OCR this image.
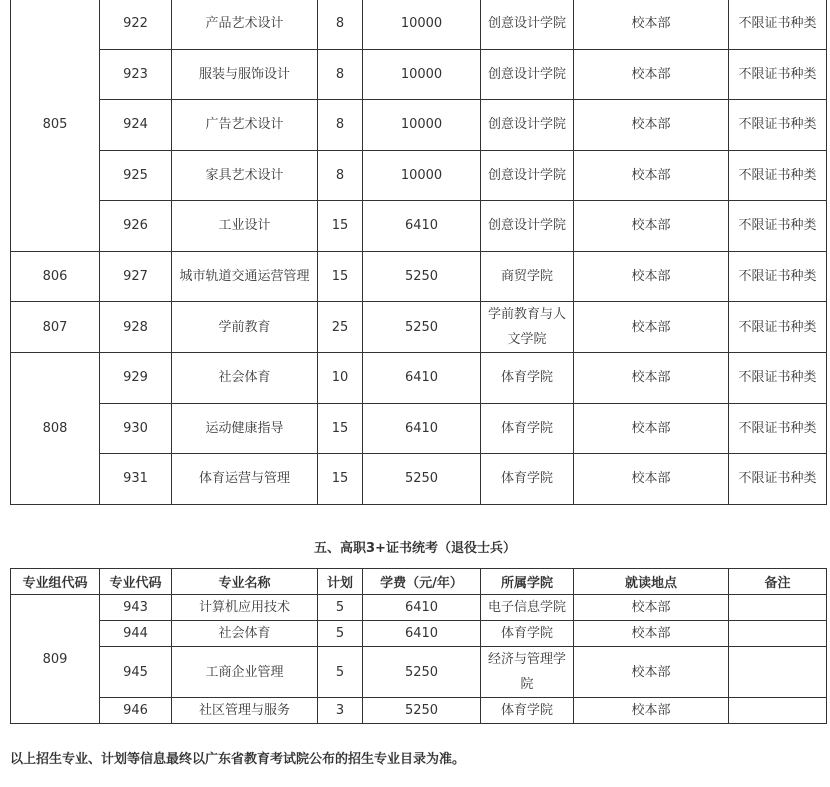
805	922	产品艺术设计	8	10000	创意设计学院	校本部	不限证书种类
	923	服装与服饰设计	8	10000	创意设计学院	校本部	不限证书种类
	924	广告艺术设计	8	10000	创意设计学院	校本部	不限证书种类
	925	家具艺术设计	8	10000	创意设计学院	校本部	不限证书种类
	926	工业设计	15	6410	创意设计学院	校本部	不限证书种类
806	927	城市轨道交通运营管理	15	5250	商贸学院	校本部	不限证书种类
807	928	学前教育	25	5250	学前教育与人文学院	校本部	不限证书种类
808	929	社会体育	10	6410	体育学院	校本部	不限证书种类
	930	运动健康指导	15	6410	体育学院	校本部	不限证书种类
	931	体育运营与管理	15	5250	体育学院	校本部	不限证书种类
五、高职3+证书统考（退役士兵）
专业组代码	专业代码	专业名称	计划	学费（元/年）	所属学院	就读地点	备注
809	943	计算机应用技术	5	6410	电子信息学院	校本部	
	944	社会体育	5	6410	体育学院	校本部	
	945	工商企业管理	5	5250	经济与管理学院	校本部	
	946	社区管理与服务	3	5250	体育学院	校本部	
以上招生专业、计划等信息最终以广东省教育考试院公布的招生专业目录为准。
